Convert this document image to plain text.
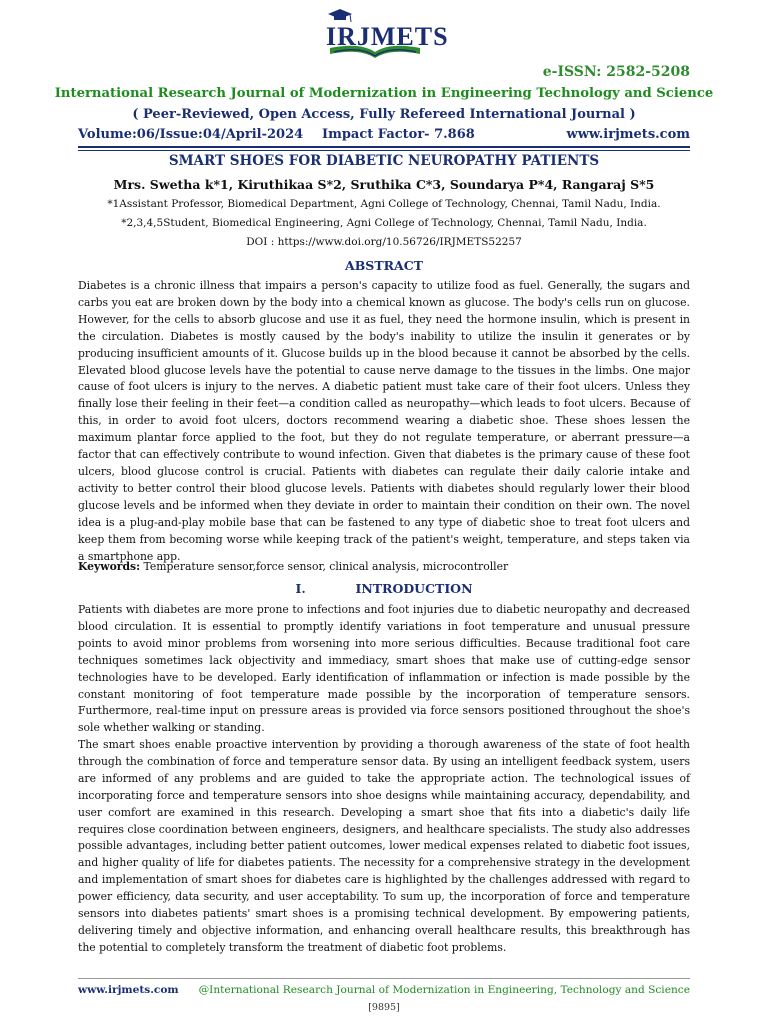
IRJMETS
e-ISSN: 2582-5208
International Research Journal of Modernization in Engineering Technology and Science
( Peer-Reviewed, Open Access, Fully Refereed International Journal )
Volume:06/Issue:04/April-2024 Impact Factor- 7.868	www.irjmets.com
SMART SHOES FOR DIABETIC NEUROPATHY PATIENTS
Mrs. Swetha k*1, Kiruthikaa S*2, Sruthika C*3, Soundarya P*4, Rangaraj S*5
*1Assistant Professor, Biomedical Department, Agni College of Technology, Chennai, Tamil Nadu, India.
*2,3,4,5Student, Biomedical Engineering, Agni College of Technology, Chennai, Tamil Nadu, India.
DOI : https://www.doi.org/10.56726/IRJMETS52257
ABSTRACT
Diabetes is a chronic illness that impairs a person's capacity to utilize food as fuel. Generally, the sugars and carbs you eat are broken down by the body into a chemical known as glucose. The body's cells run on glucose. However, for the cells to absorb glucose and use it as fuel, they need the hormone insulin, which is present in the circulation. Diabetes is mostly caused by the body's inability to utilize the insulin it generates or by producing insufficient amounts of it. Glucose builds up in the blood because it cannot be absorbed by the cells. Elevated blood glucose levels have the potential to cause nerve damage to the tissues in the limbs. One major cause of foot ulcers is injury to the nerves. A diabetic patient must take care of their foot ulcers. Unless they finally lose their feeling in their feet—a condition called as neuropathy—which leads to foot ulcers. Because of this, in order to avoid foot ulcers, doctors recommend wearing a diabetic shoe. These shoes lessen the maximum plantar force applied to the foot, but they do not regulate temperature, or aberrant pressure—a factor that can effectively contribute to wound infection. Given that diabetes is the primary cause of these foot ulcers, blood glucose control is crucial. Patients with diabetes can regulate their daily calorie intake and activity to better control their blood glucose levels. Patients with diabetes should regularly lower their blood glucose levels and be informed when they deviate in order to maintain their condition on their own. The novel idea is a plug-and-play mobile base that can be fastened to any type of diabetic shoe to treat foot ulcers and keep them from becoming worse while keeping track of the patient's weight, temperature, and steps taken via a smartphone app.
Keywords: Temperature sensor,force sensor, clinical analysis, microcontroller
I.	INTRODUCTION
Patients with diabetes are more prone to infections and foot injuries due to diabetic neuropathy and decreased blood circulation. It is essential to promptly identify variations in foot temperature and unusual pressure points to avoid minor problems from worsening into more serious difficulties. Because traditional foot care techniques sometimes lack objectivity and immediacy, smart shoes that make use of cutting-edge sensor technologies have to be developed. Early identification of inflammation or infection is made possible by the constant monitoring of foot temperature made possible by the incorporation of temperature sensors. Furthermore, real-time input on pressure areas is provided via force sensors positioned throughout the shoe's sole whether walking or standing.
The smart shoes enable proactive intervention by providing a thorough awareness of the state of foot health through the combination of force and temperature sensor data. By using an intelligent feedback system, users are informed of any problems and are guided to take the appropriate action. The technological issues of incorporating force and temperature sensors into shoe designs while maintaining accuracy, dependability, and user comfort are examined in this research. Developing a smart shoe that fits into a diabetic's daily life requires close coordination between engineers, designers, and healthcare specialists. The study also addresses possible advantages, including better patient outcomes, lower medical expenses related to diabetic foot issues, and higher quality of life for diabetes patients. The necessity for a comprehensive strategy in the development and implementation of smart shoes for diabetes care is highlighted by the challenges addressed with regard to power efficiency, data security, and user acceptability. To sum up, the incorporation of force and temperature sensors into diabetes patients' smart shoes is a promising technical development. By empowering patients, delivering timely and objective information, and enhancing overall healthcare results, this breakthrough has the potential to completely transform the treatment of diabetic foot problems.
www.irjmets.com @International Research Journal of Modernization in Engineering, Technology and Science
[9895]
